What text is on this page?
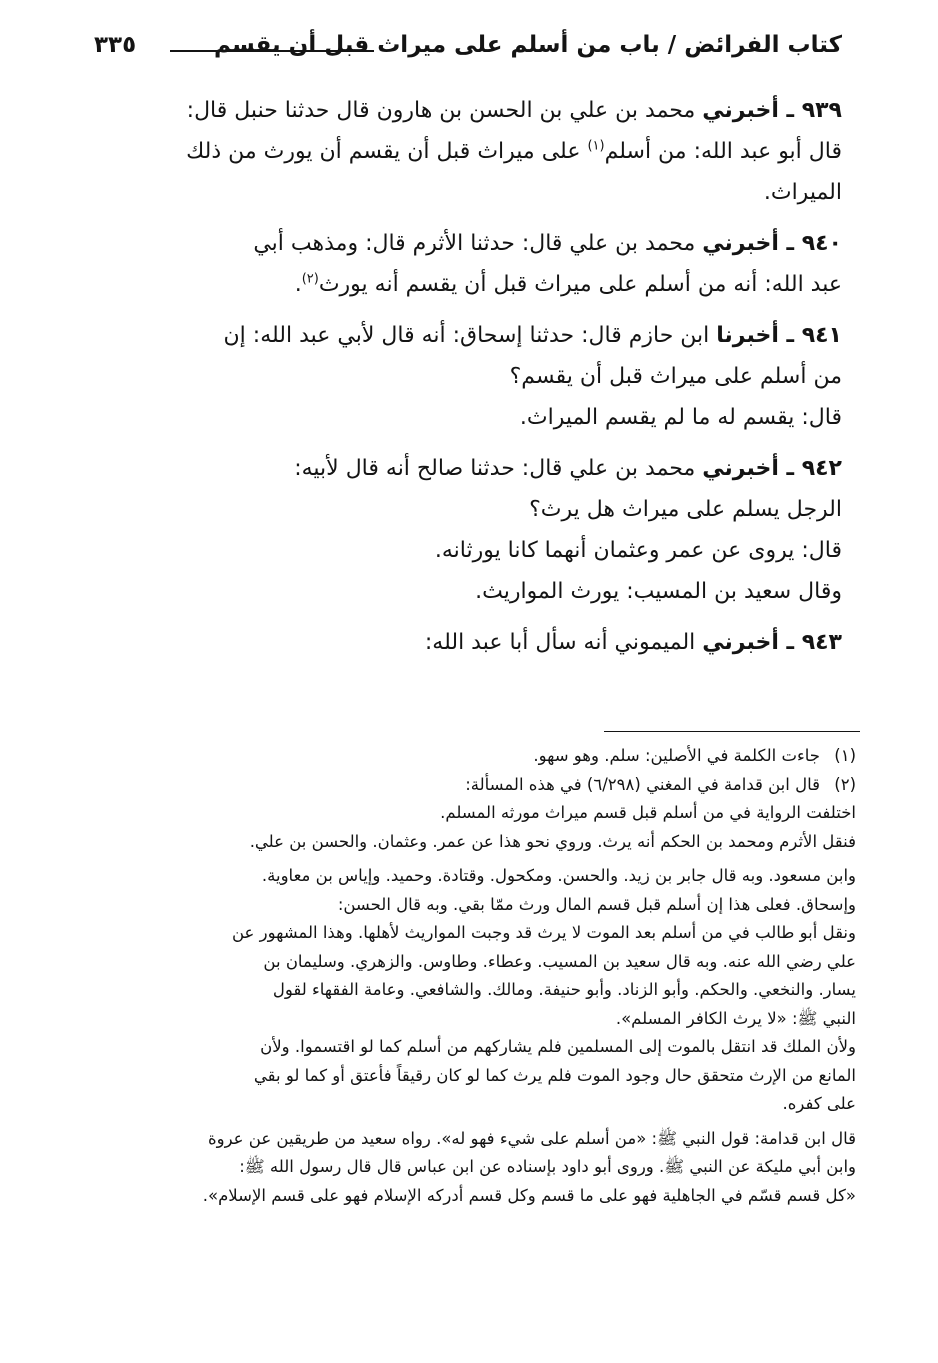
كتاب الفرائض / باب من أسلم على ميراث قبل أن يقسم
٣٣٥

٩٣٩ ـ أخبرني محمد بن علي بن الحسن بن هارون قال حدثنا حنبل قال:

قال أبو عبد الله: من أسلم$^{(١)}$ على ميراث قبل أن يقسم أن يورث من ذلك

الميراث.

٩٤٠ ـ أخبرني محمد بن علي قال: حدثنا الأثرم قال: ومذهب أبي

عبد الله: أنه من أسلم على ميراث قبل أن يقسم أنه يورث$^{(٢)}$.

٩٤١ ـ أخبرنا ابن حازم قال: حدثنا إسحاق: أنه قال لأبي عبد الله: إن

من أسلم على ميراث قبل أن يقسم؟

قال: يقسم له ما لم يقسم الميراث.

٩٤٢ ـ أخبرني محمد بن علي قال: حدثنا صالح أنه قال لأبيه:

الرجل يسلم على ميراث هل يرث؟

قال: يروى عن عمر وعثمان أنهما كانا يورثانه.

وقال سعيد بن المسيب: يورث المواريث.

٩٤٣ ـ أخبرني الميموني أنه سأل أبا عبد الله:

(١)جاءت الكلمة في الأصلين: سلم. وهو سهو.

(٢)قال ابن قدامة في المغني (٦/٢٩٨) في هذه المسألة:

اختلفت الرواية في من أسلم قبل قسم ميراث مورثه المسلم.

فنقل الأثرم ومحمد بن الحكم أنه يرث. وروي نحو هذا عن عمر. وعثمان. والحسن بن علي.

وابن مسعود. وبه قال جابر بن زيد. والحسن. ومكحول. وقتادة. وحميد. وإياس بن معاوية.

وإسحاق. فعلى هذا إن أسلم قبل قسم المال ورث ممّا بقي. وبه قال الحسن:

ونقل أبو طالب في من أسلم بعد الموت لا يرث قد وجبت المواريث لأهلها. وهذا المشهور عن

علي رضي الله عنه. وبه قال سعيد بن المسيب. وعطاء. وطاوس. والزهري. وسليمان بن

يسار. والنخعي. والحكم. وأبو الزناد. وأبو حنيفة. ومالك. والشافعي. وعامة الفقهاء لقول

النبي ﷺ: «لا يرث الكافر المسلم».

ولأن الملك قد انتقل بالموت إلى المسلمين فلم يشاركهم من أسلم كما لو اقتسموا. ولأن

المانع من الإرث متحقق حال وجود الموت فلم يرث كما لو كان رقيقاً فأعتق أو كما لو بقي

على كفره.

قال ابن قدامة: قول النبي ﷺ: «من أسلم على شيء فهو له». رواه سعيد من طريقين عن عروة

وابن أبي مليكة عن النبي ﷺ. وروى أبو داود بإسناده عن ابن عباس قال قال رسول الله ﷺ:

«كل قسم قسّم في الجاهلية فهو على ما قسم وكل قسم أدركه الإسلام فهو على قسم الإسلام».
